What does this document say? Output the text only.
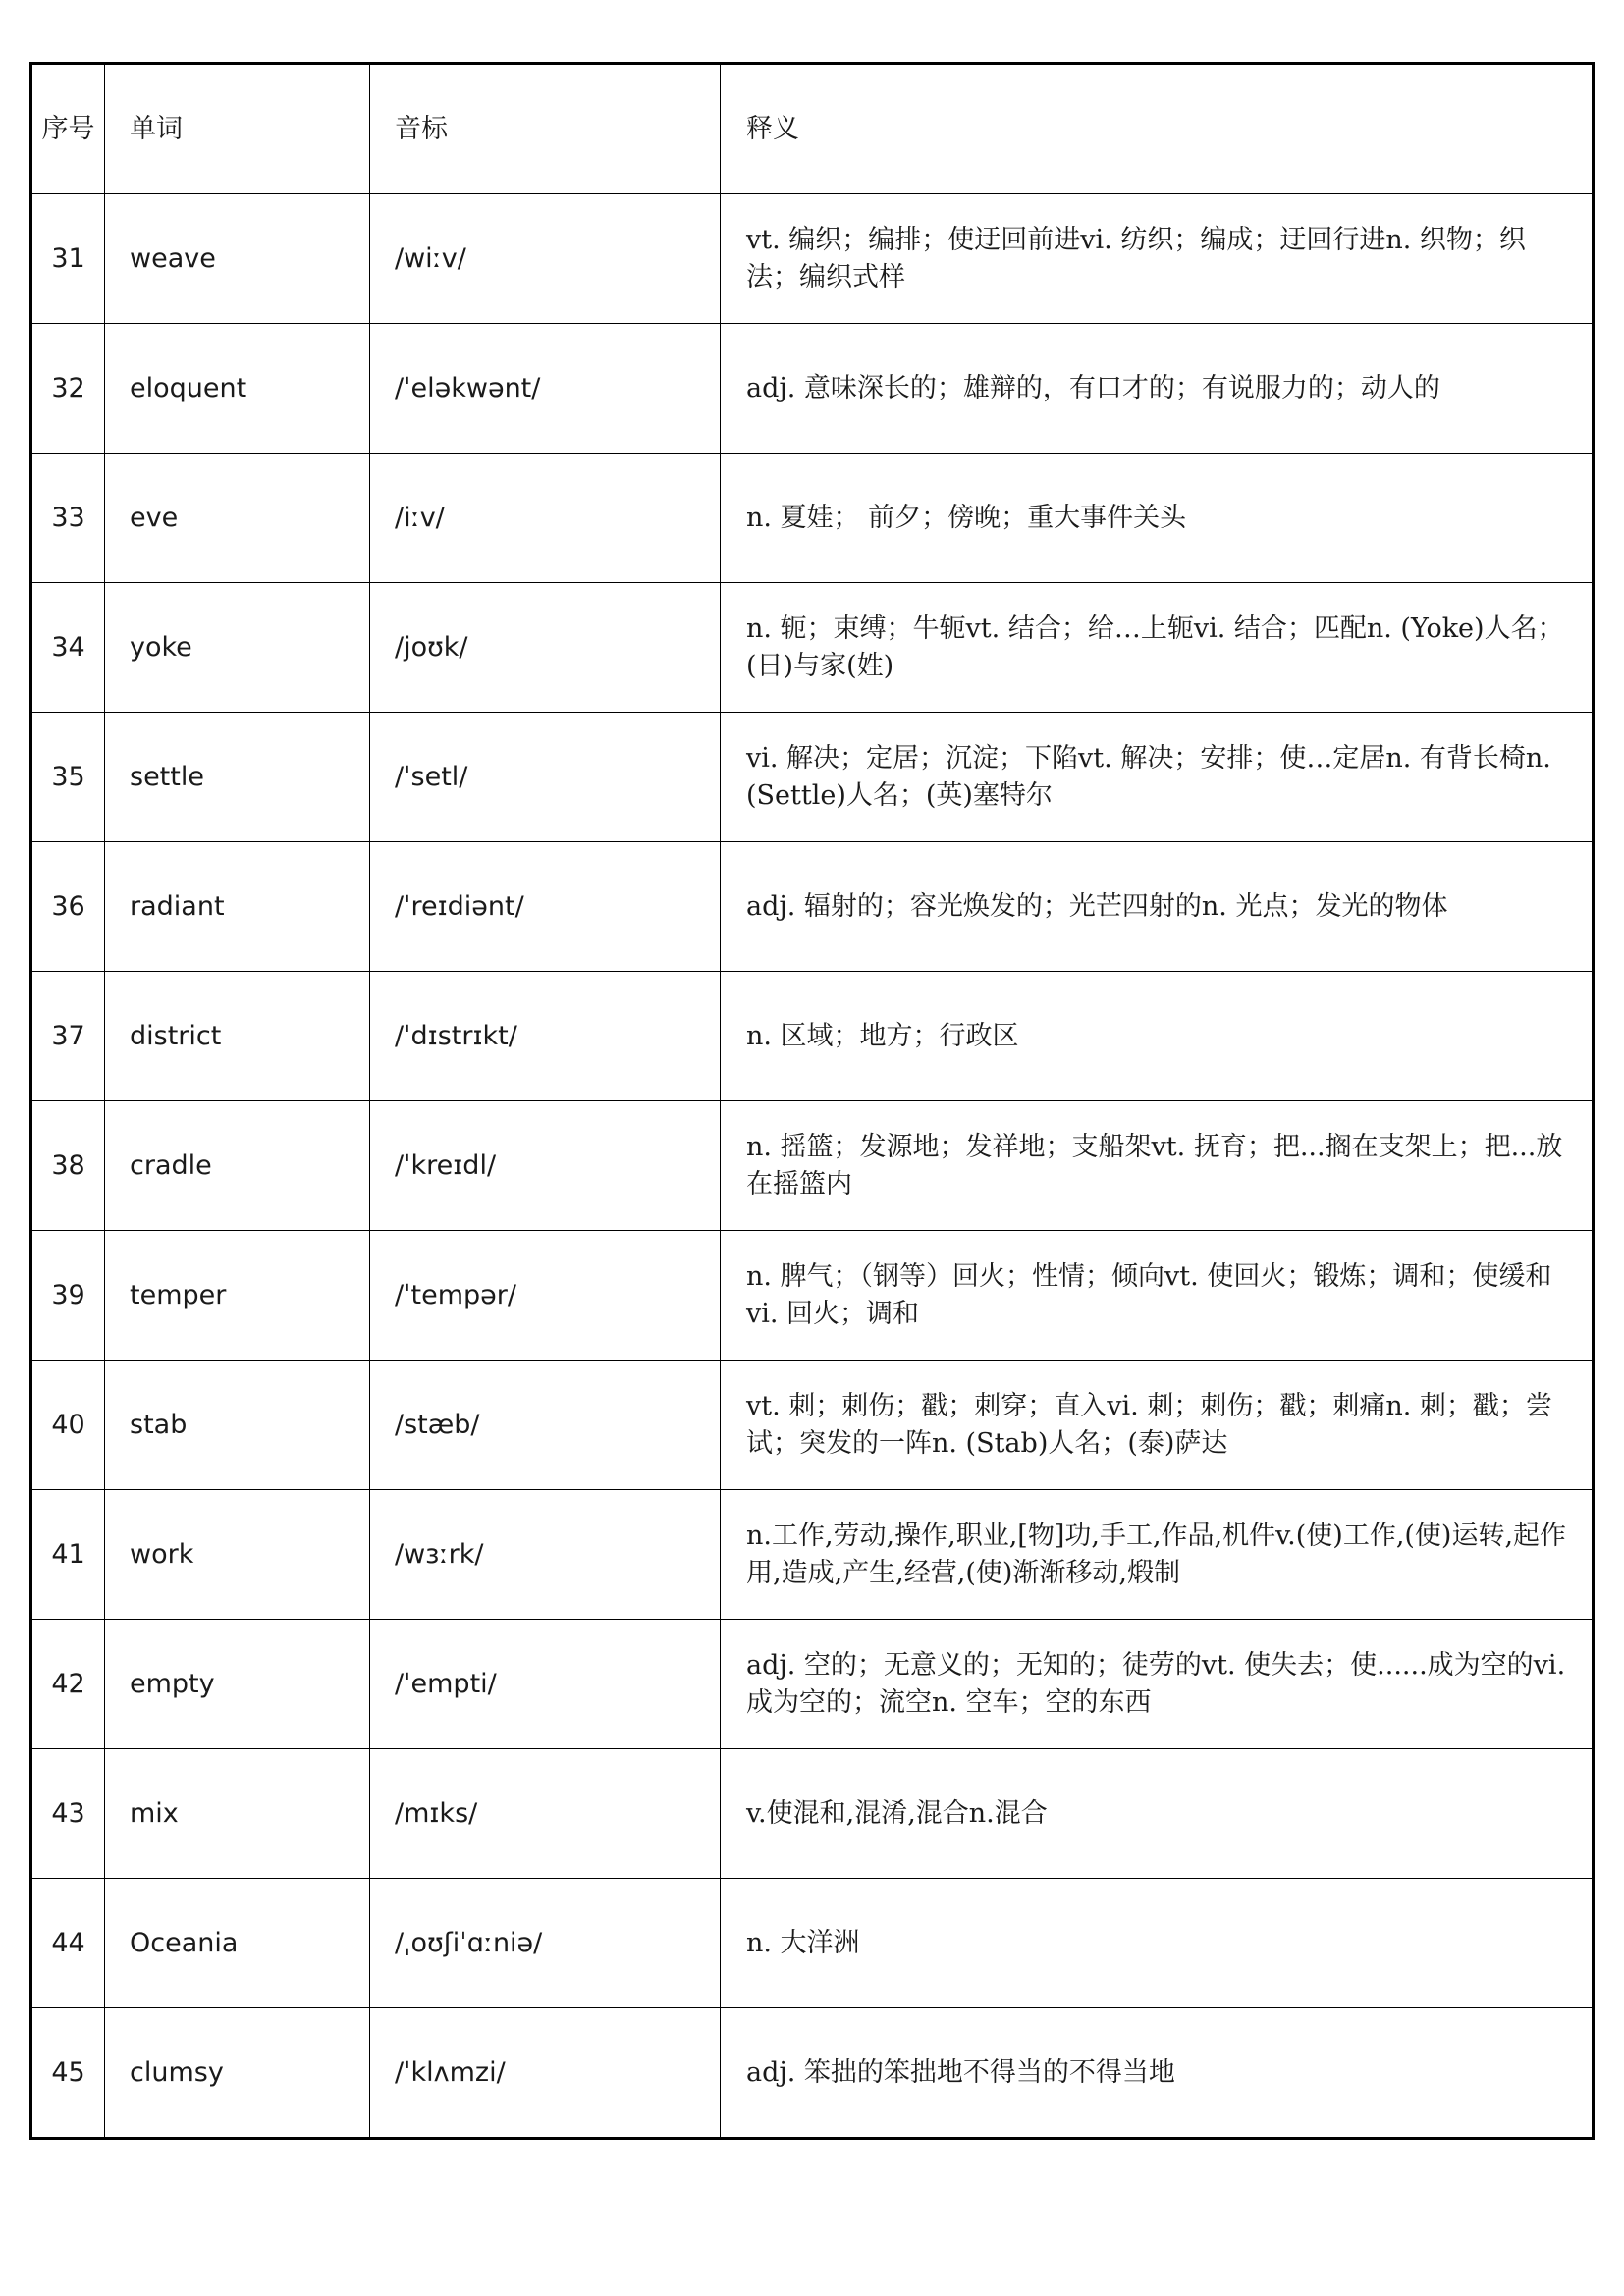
序号	单词	音标	释义
31	weave	/wiːv/	vt. 编织；编排；使迂回前进vi. 纺织；编成；迂回行进n. 织物；织法；编织式样
32	eloquent	/ˈeləkwənt/	adj. 意味深长的；雄辩的，有口才的；有说服力的；动人的
33	eve	/iːv/	n. 夏娃； 前夕；傍晚；重大事件关头
34	yoke	/joʊk/	n. 轭；束缚；牛轭vt. 结合；给…上轭vi. 结合；匹配n. (Yoke)人名；(日)与家(姓)
35	settle	/ˈsetl/	vi. 解决；定居；沉淀；下陷vt. 解决；安排；使…定居n. 有背长椅n. (Settle)人名；(英)塞特尔
36	radiant	/ˈreɪdiənt/	adj. 辐射的；容光焕发的；光芒四射的n. 光点；发光的物体
37	district	/ˈdɪstrɪkt/	n. 区域；地方；行政区
38	cradle	/ˈkreɪdl/	n. 摇篮；发源地；发祥地；支船架vt. 抚育；把...搁在支架上；把...放在摇篮内
39	temper	/ˈtempər/	n. 脾气；（钢等）回火；性情；倾向vt. 使回火；锻炼；调和；使缓和vi. 回火；调和
40	stab	/stæb/	vt. 刺；刺伤；戳；刺穿；直入vi. 刺；刺伤；戳；刺痛n. 刺；戳；尝试；突发的一阵n. (Stab)人名；(泰)萨达
41	work	/wɜːrk/	n.工作,劳动,操作,职业,[物]功,手工,作品,机件v.(使)工作,(使)运转,起作用,造成,产生,经营,(使)渐渐移动,煅制
42	empty	/ˈempti/	adj. 空的；无意义的；无知的；徒劳的vt. 使失去；使......成为空的vi. 成为空的；流空n. 空车；空的东西
43	mix	/mɪks/	v.使混和,混淆,混合n.混合
44	Oceania	/ˌoʊʃiˈɑːniə/	n. 大洋洲
45	clumsy	/ˈklʌmzi/	adj. 笨拙的笨拙地不得当的不得当地
